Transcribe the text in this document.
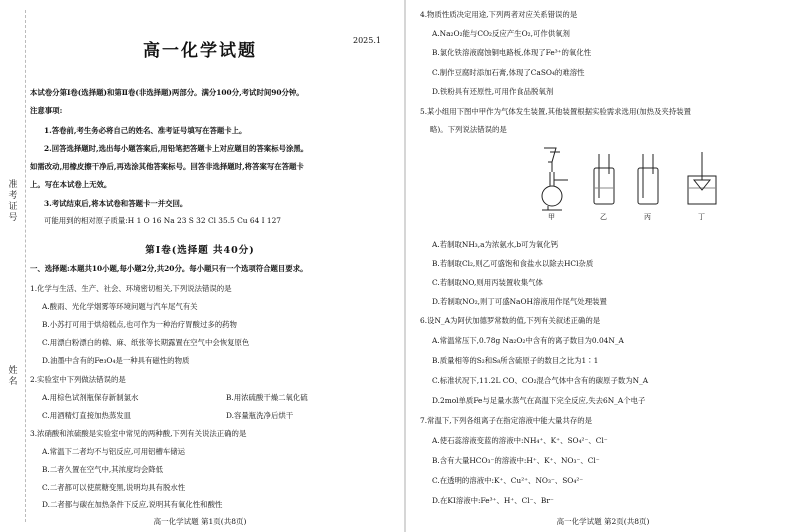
准考证号
姓名
高一化学试题
2025.1
本试卷分第Ⅰ卷(选择题)和第Ⅱ卷(非选择题)两部分。满分100分,考试时间90分钟。
注意事项:
1.答卷前,考生务必将自己的姓名、准考证号填写在答题卡上。
2.回答选择题时,选出每小题答案后,用铅笔把答题卡上对应题目的答案标号涂黑。
如需改动,用橡皮擦干净后,再选涂其他答案标号。回答非选择题时,将答案写在答题卡
上。写在本试卷上无效。
3.考试结束后,将本试卷和答题卡一并交回。
可能用到的相对原子质量:H 1 O 16 Na 23 S 32 Cl 35.5 Cu 64 I 127
第Ⅰ卷(选择题 共40分)
一、选择题:本题共10小题,每小题2分,共20分。每小题只有一个选项符合题目要求。
1.化学与生活、生产、社会、环境密切相关,下列说法错误的是
A.酸雨、光化学烟雾等环境问题与汽车尾气有关
B.小苏打可用于烘焙糕点,也可作为一种治疗胃酸过多的药物
C.用漂白粉漂白的棉、麻、纸张等长期露置在空气中会恢复原色
D.油墨中含有的Fe₃O₄是一种具有磁性的物质
2.实验室中下列做法错误的是
A.用棕色试剂瓶保存新制氯水	B.用浓硫酸干燥二氧化硫
C.用酒精灯直接加热蒸发皿	D.容量瓶洗净后烘干
3.浓硝酸和浓硫酸是实验室中常见的两种酸,下列有关说法正确的是
A.常温下二者均不与铝反应,可用铝槽车储运
B.二者久置在空气中,其浓度均会降低
C.二者都可以使蔗糖变黑,说明均具有脱水性
D.二者都与碳在加热条件下反应,说明其有氧化性和酸性
高一化学试题 第1页(共8页)
4.物质性质决定用途,下列两者对应关系错误的是
A.Na₂O₂能与CO₂反应产生O₂,可作供氧剂
B.氯化铁溶液腐蚀铜电路板,体现了Fe³⁺的氧化性
C.制作豆腐时添加石膏,体现了CaSO₄的难溶性
D.铁粉具有还原性,可用作食品脱氧剂
5.某小组用下图中甲作为气体发生装置,其他装置根据实验需求选用(加热及夹持装置
略)。下列说法错误的是
甲	乙	丙	丁
A.若制取NH₃,a为浓氨水,b可为氧化钙
B.若制取Cl₂,则乙可盛饱和食盐水以除去HCl杂质
C.若制取NO,则用丙装置收集气体
D.若制取NO₂,则丁可盛NaOH溶液用作尾气处理装置
6.设N_A为阿伏加德罗常数的值,下列有关叙述正确的是
A.常温常压下,0.78g Na₂O₂中含有的离子数目为0.04N_A
B.质量相等的S₂和S₈所含硫原子的数目之比为1∶1
C.标准状况下,11.2L CO、CO₂混合气体中含有的碳原子数为N_A
D.2mol单质Fe与足量水蒸气在高温下完全反应,失去6N_A个电子
7.常温下,下列各组离子在指定溶液中能大量共存的是
A.使石蕊溶液变蓝的溶液中:NH₄⁺、K⁺、SO₄²⁻、Cl⁻
B.含有大量HCO₃⁻的溶液中:H⁺、K⁺、NO₃⁻、Cl⁻
C.在透明的溶液中:K⁺、Cu²⁺、NO₃⁻、SO₄²⁻
D.在KI溶液中:Fe³⁺、H⁺、Cl⁻、Br⁻
高一化学试题 第2页(共8页)
